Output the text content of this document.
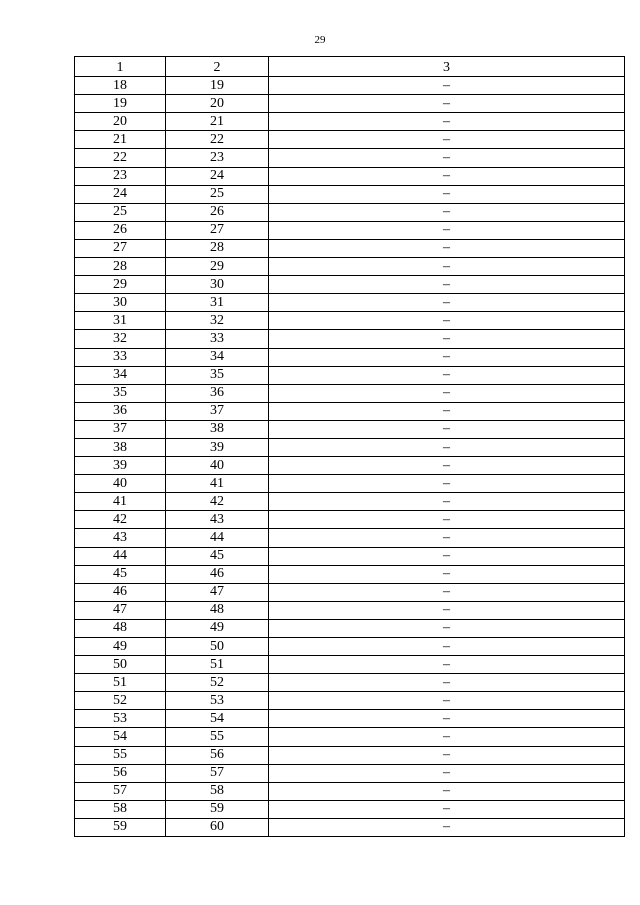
29
1	2	3
18	19	–
19	20	–
20	21	–
21	22	–
22	23	–
23	24	–
24	25	–
25	26	–
26	27	–
27	28	–
28	29	–
29	30	–
30	31	–
31	32	–
32	33	–
33	34	–
34	35	–
35	36	–
36	37	–
37	38	–
38	39	–
39	40	–
40	41	–
41	42	–
42	43	–
43	44	–
44	45	–
45	46	–
46	47	–
47	48	–
48	49	–
49	50	–
50	51	–
51	52	–
52	53	–
53	54	–
54	55	–
55	56	–
56	57	–
57	58	–
58	59	–
59	60	–
